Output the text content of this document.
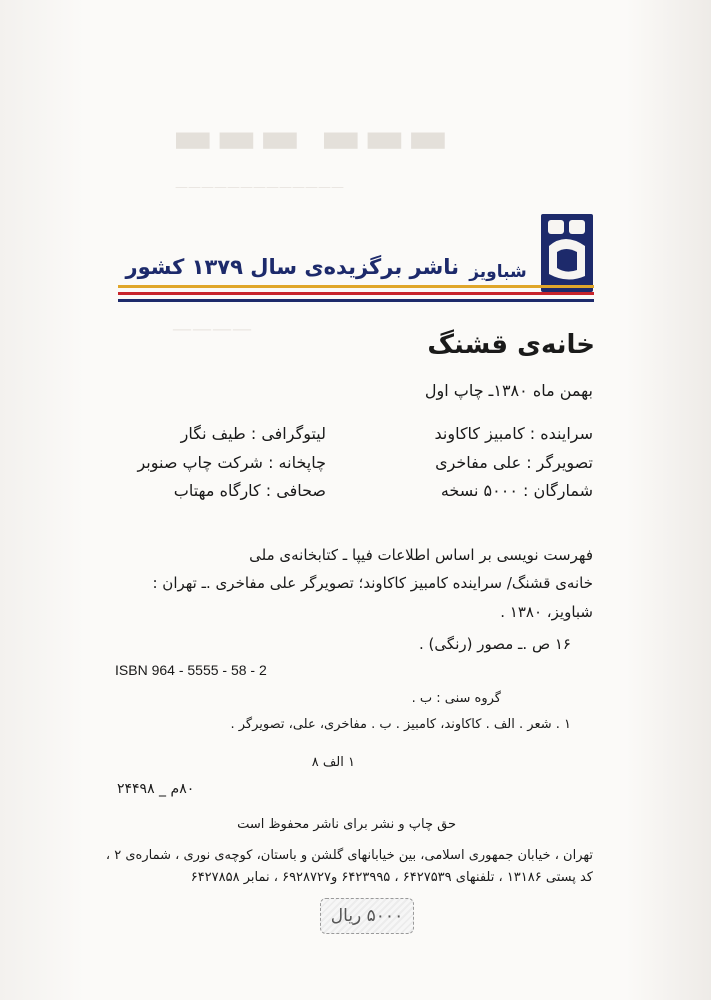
▬▬▬ ▬▬▬
—————————————
————
شباویز
ناشر برگزیده‌ی سال ۱۳۷۹ کشور
خانه‌ی قشنگ
بهمن ماه ۱۳۸۰ـ چاپ اول
سراینده : کامبیز کاکاوند
تصویرگر : علی مفاخری
شمارگان : ۵۰۰۰ نسخه
لیتوگرافی : طیف نگار
چاپخانه : شرکت چاپ صنوبر
صحافی : کارگاه مهتاب
فهرست نویسی بر اساس اطلاعات فیپا ـ کتابخانه‌ی ملی
خانه‌ی قشنگ/ سراینده کامبیز کاکاوند؛ تصویرگر علی مفاخری .ـ تهران :
شباویز، ۱۳۸۰ .
۱۶ ص .ـ مصور (رنگی) .
ISBN 964 - 5555 - 58 - 2
گروه سنی : ب .
۱ . شعر . الف . کاکاوند، کامبیز . ب . مفاخری، علی، تصویرگر .
۱ الف ۸
۸۰م _ ۲۴۴۹۸
حق چاپ و نشر برای ناشر محفوظ است
تهران ، خیابان جمهوری اسلامی، بین خیابانهای گلشن و باستان، کوچه‌ی نوری ، شماره‌ی ۲ ،
کد پستی ۱۳۱۸۶ ، تلفنهای ۶۴۲۷۵۳۹ ، ۶۴۲۳۹۹۵ و۶۹۲۸۷۲۷ ، نمابر ۶۴۲۷۸۵۸
۵۰۰۰ ریال
